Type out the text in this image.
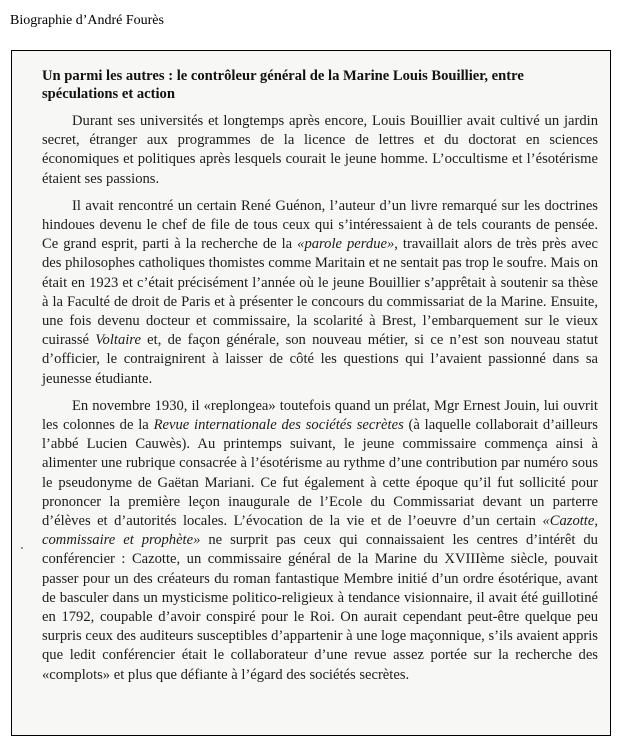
Biographie d’André Fourès
Un parmi les autres : le contrôleur général de la Marine Louis Bouillier, entre spéculations et action

Durant ses universités et longtemps après encore, Louis Bouillier avait cultivé un jardin secret, étranger aux programmes de la licence de lettres et du doctorat en sciences économiques et politiques après lesquels courait le jeune homme. L’occultisme et l’ésotérisme étaient ses passions.

Il avait rencontré un certain René Guénon, l’auteur d’un livre remarqué sur les doctrines hindoues devenu le chef de file de tous ceux qui s’intéressaient à de tels courants de pensée. Ce grand esprit, parti à la recherche de la «parole perdue», travaillait alors de très près avec des philosophes catholiques thomistes comme Maritain et ne sentait pas trop le soufre. Mais on était en 1923 et c’était précisément l’année où le jeune Bouillier s’apprêtait à soutenir sa thèse à la Faculté de droit de Paris et à présenter le concours du commissariat de la Marine. Ensuite, une fois devenu docteur et commissaire, la scolarité à Brest, l’embarquement sur le vieux cuirassé Voltaire et, de façon générale, son nouveau métier, si ce n’est son nouveau statut d’officier, le contraignirent à laisser de côté les questions qui l’avaient passionné dans sa jeunesse étudiante.

En novembre 1930, il «replongea» toutefois quand un prélat, Mgr Ernest Jouin, lui ouvrit les colonnes de la Revue internationale des sociétés secrètes (à laquelle collaborait d’ailleurs l’abbé Lucien Cauwès). Au printemps suivant, le jeune commissaire commença ainsi à alimenter une rubrique consacrée à l’ésotérisme au rythme d’une contribution par numéro sous le pseudonyme de Gaëtan Mariani. Ce fut également à cette époque qu’il fut sollicité pour prononcer la première leçon inaugurale de l’Ecole du Commissariat devant un parterre d’élèves et d’autorités locales. L’évocation de la vie et de l’oeuvre d’un certain «Cazotte, commissaire et prophète» ne surprit pas ceux qui connaissaient les centres d’intérêt du conférencier : Cazotte, un commissaire général de la Marine du XVIIIème siècle, pouvait passer pour un des créateurs du roman fantastique Membre initié d’un ordre ésotérique, avant de basculer dans un mysticisme politico-religieux à tendance visionnaire, il avait été guillotiné en 1792, coupable d’avoir conspiré pour le Roi. On aurait cependant peut-être quelque peu surpris ceux des auditeurs susceptibles d’appartenir à une loge maçonnique, s’ils avaient appris que ledit conférencier était le collaborateur d’une revue assez portée sur la recherche des «complots» et plus que défiante à l’égard des sociétés secrètes.
